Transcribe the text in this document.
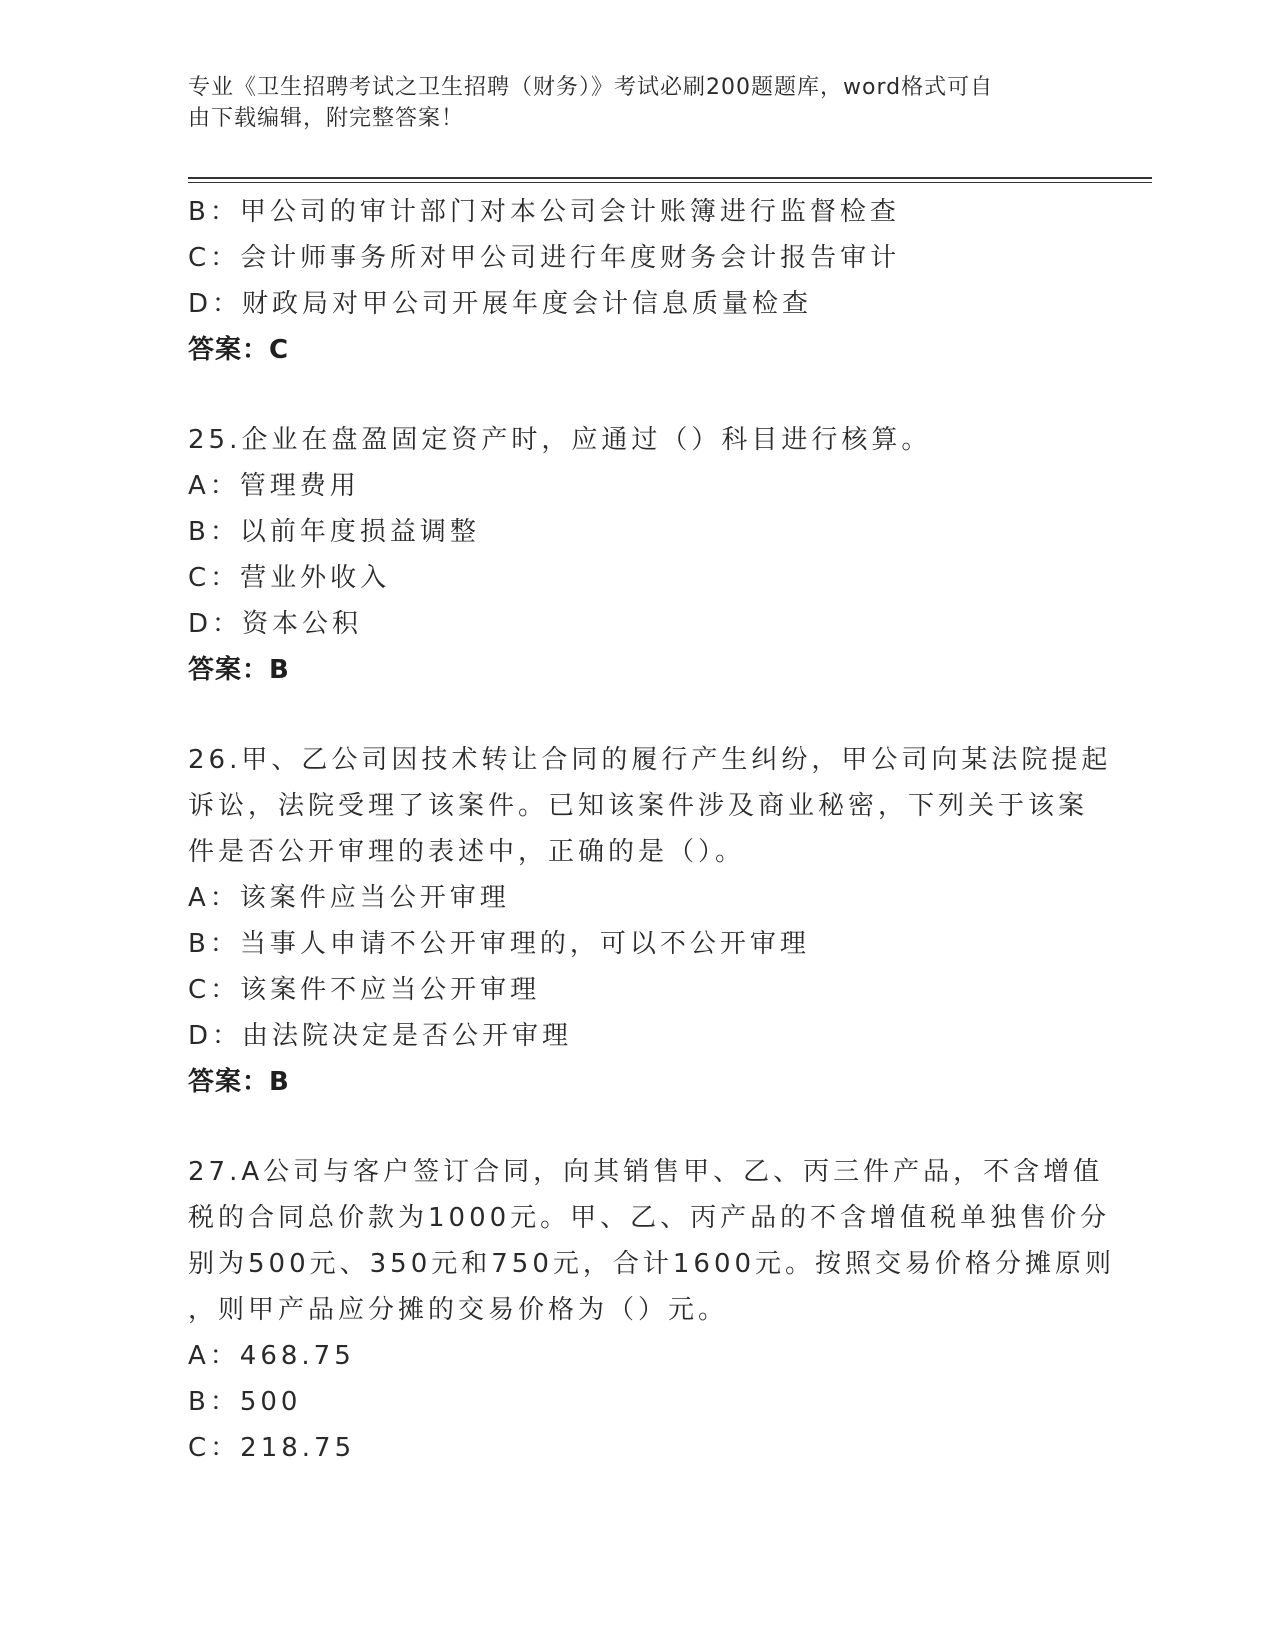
专业《卫生招聘考试之卫生招聘（财务）》考试必刷200题题库，word格式可自
由下载编辑，附完整答案！
B：甲公司的审计部门对本公司会计账簿进行监督检查
C：会计师事务所对甲公司进行年度财务会计报告审计
D：财政局对甲公司开展年度会计信息质量检查
答案：C
25.企业在盘盈固定资产时，应通过（）科目进行核算。
A：管理费用
B：以前年度损益调整
C：营业外收入
D：资本公积
答案：B
26.甲、乙公司因技术转让合同的履行产生纠纷，甲公司向某法院提起
诉讼，法院受理了该案件。已知该案件涉及商业秘密，下列关于该案
件是否公开审理的表述中，正确的是（）。
A：该案件应当公开审理
B：当事人申请不公开审理的，可以不公开审理
C：该案件不应当公开审理
D：由法院决定是否公开审理
答案：B
27.A公司与客户签订合同，向其销售甲、乙、丙三件产品，不含增值
税的合同总价款为1000元。甲、乙、丙产品的不含增值税单独售价分
别为500元、350元和750元，合计1600元。按照交易价格分摊原则
，则甲产品应分摊的交易价格为（）元。
A：468.75
B：500
C：218.75
